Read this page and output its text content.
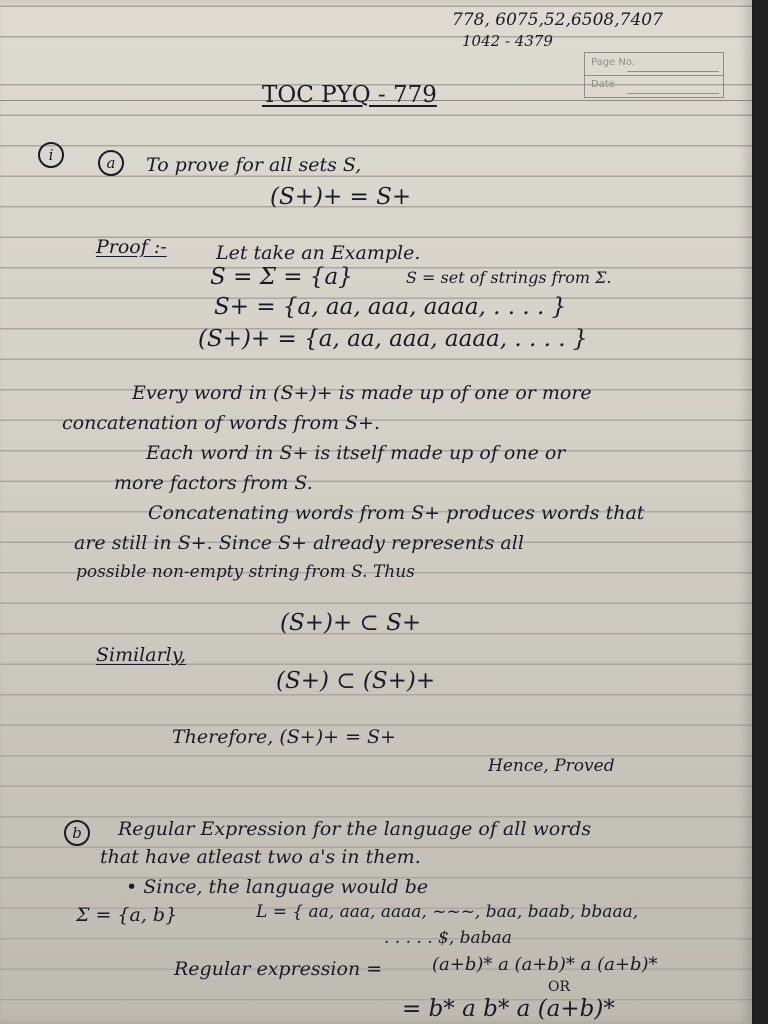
778, 6075,52,6508,7407
1042 - 4379
Page No.
Date
TOC PYQ - 779
i	a	To prove for all sets S,
(S+)+ = S+
Proof :-	Let take an Example.
S = Σ = {a}	S = set of strings from Σ.
S+ = {a, aa, aaa, aaaa, . . . . }
(S+)+ = {a, aa, aaa, aaaa, . . . . }
Every word in (S+)+ is made up of one or more
concatenation of words from S+.
Each word in S+ is itself made up of one or
more factors from S.
Concatenating words from S+ produces words that
are still in S+. Since S+ already represents all
possible non-empty string from S. Thus
(S+)+ ⊂ S+
Similarly,
(S+) ⊂ (S+)+
Therefore, (S+)+ = S+
Hence, Proved
b	Regular Expression for the language of all words
that have atleast two a's in them.
• Since, the language would be
Σ = {a, b}	L = { aa, aaa, aaaa, ~~~, baa, baab, bbaaa,
. . . . . $, babaa
Regular expression =	(a+b)* a (a+b)* a (a+b)*
OR
= b* a b* a (a+b)*
